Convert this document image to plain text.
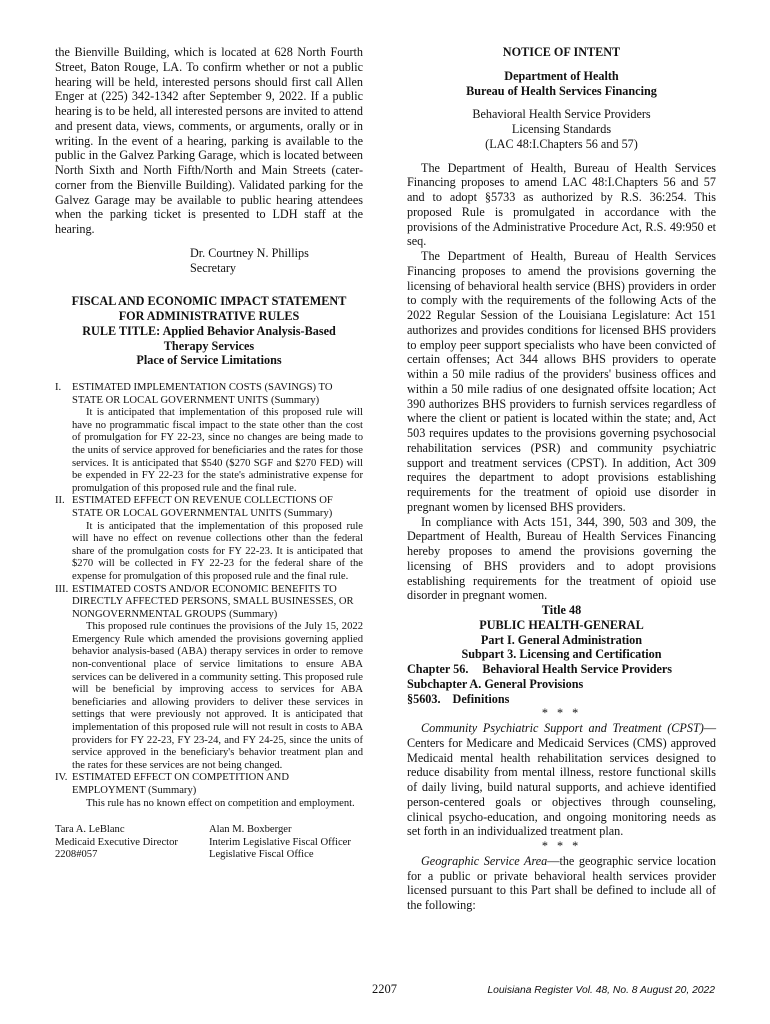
the Bienville Building, which is located at 628 North Fourth Street, Baton Rouge, LA. To confirm whether or not a public hearing will be held, interested persons should first call Allen Enger at (225) 342-1342 after September 9, 2022. If a public hearing is to be held, all interested persons are invited to attend and present data, views, comments, or arguments, orally or in writing. In the event of a hearing, parking is available to the public in the Galvez Parking Garage, which is located between North Sixth and North Fifth/North and Main Streets (cater-corner from the Bienville Building). Validated parking for the Galvez Garage may be available to public hearing attendees when the parking ticket is presented to LDH staff at the hearing.

Dr. Courtney N. Phillips

Secretary

FISCAL AND ECONOMIC IMPACT STATEMENT

FOR ADMINISTRATIVE RULES

RULE TITLE: Applied Behavior Analysis-Based

Therapy Services

Place of Service Limitations

I. ESTIMATED IMPLEMENTATION COSTS (SAVINGS) TO STATE OR LOCAL GOVERNMENT UNITS (Summary)

It is anticipated that implementation of this proposed rule will have no programmatic fiscal impact to the state other than the cost of promulgation for FY 22-23, since no changes are being made to the units of service approved for beneficiaries and the rates for those services. It is anticipated that $540 ($270 SGF and $270 FED) will be expended in FY 22-23 for the state's administrative expense for promulgation of this proposed rule and the final rule.

II. ESTIMATED EFFECT ON REVENUE COLLECTIONS OF STATE OR LOCAL GOVERNMENTAL UNITS (Summary)

It is anticipated that the implementation of this proposed rule will have no effect on revenue collections other than the federal share of the promulgation costs for FY 22-23. It is anticipated that $270 will be collected in FY 22-23 for the federal share of the expense for promulgation of this proposed rule and the final rule.

III. ESTIMATED COSTS AND/OR ECONOMIC BENEFITS TO DIRECTLY AFFECTED PERSONS, SMALL BUSINESSES, OR NONGOVERNMENTAL GROUPS (Summary)

This proposed rule continues the provisions of the July 15, 2022 Emergency Rule which amended the provisions governing applied behavior analysis-based (ABA) therapy services in order to remove non-conventional place of service limitations to ensure ABA services can be delivered in a community setting. This proposed rule will be beneficial by improving access to services for ABA beneficiaries and allowing providers to deliver these services in settings that were previously not approved. It is anticipated that implementation of this proposed rule will not result in costs to ABA providers for FY 22-23, FY 23-24, and FY 24-25, since the units of service approved in the beneficiary's behavior treatment plan and the rates for these services are not being changed.

IV. ESTIMATED EFFECT ON COMPETITION AND EMPLOYMENT (Summary)

This rule has no known effect on competition and employment.

Tara A. LeBlanc

Medicaid Executive Director

2208#057

Alan M. Boxberger

Interim Legislative Fiscal Officer

Legislative Fiscal Office

NOTICE OF INTENT

Department of Health

Bureau of Health Services Financing

Behavioral Health Service Providers

Licensing Standards

(LAC 48:I.Chapters 56 and 57)

The Department of Health, Bureau of Health Services Financing proposes to amend LAC 48:I.Chapters 56 and 57 and to adopt §5733 as authorized by R.S. 36:254. This proposed Rule is promulgated in accordance with the provisions of the Administrative Procedure Act, R.S. 49:950 et seq.

The Department of Health, Bureau of Health Services Financing proposes to amend the provisions governing the licensing of behavioral health service (BHS) providers in order to comply with the requirements of the following Acts of the 2022 Regular Session of the Louisiana Legislature: Act 151 authorizes and provides conditions for licensed BHS providers to employ peer support specialists who have been convicted of certain offenses; Act 344 allows BHS providers to operate within a 50 mile radius of the providers' business offices and within a 50 mile radius of one designated offsite location; Act 390 authorizes BHS providers to furnish services regardless of where the client or patient is located within the state; and, Act 503 requires updates to the provisions governing psychosocial rehabilitation services (PSR) and community psychiatric support and treatment services (CPST). In addition, Act 309 requires the department to adopt provisions establishing requirements for the treatment of opioid use disorder in pregnant women by licensed BHS providers.

In compliance with Acts 151, 344, 390, 503 and 309, the Department of Health, Bureau of Health Services Financing hereby proposes to amend the provisions governing the licensing of BHS providers and to adopt provisions establishing requirements for the treatment of opioid use disorder in pregnant women.

Title 48

PUBLIC HEALTH-GENERAL

Part I. General Administration

Subpart 3. Licensing and Certification

Chapter 56. Behavioral Health Service Providers

Subchapter A. General Provisions

§5603. Definitions

* * *

Community Psychiatric Support and Treatment (CPST)—Centers for Medicare and Medicaid Services (CMS) approved Medicaid mental health rehabilitation services designed to reduce disability from mental illness, restore functional skills of daily living, build natural supports, and achieve identified person-centered goals or objectives through counseling, clinical psycho-education, and ongoing monitoring needs as set forth in an individualized treatment plan.

* * *

Geographic Service Area—the geographic service location for a public or private behavioral health services provider licensed pursuant to this Part shall be defined to include all of the following:

2207	Louisiana Register Vol. 48, No. 8 August 20, 2022
